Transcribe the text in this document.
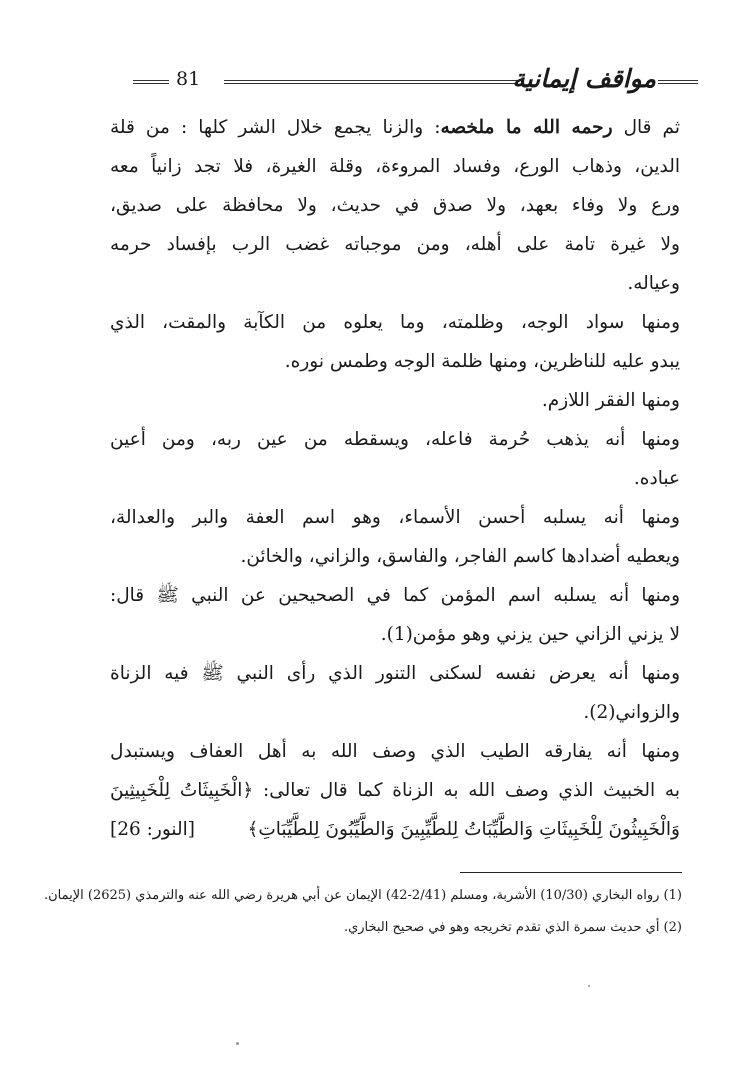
81	مواقف إيمانية
ثم قال رحمه الله ما ملخصه: والزنا يجمع خلال الشر كلها : من قلة
الدين، وذهاب الورع، وفساد المروءة، وقلة الغيرة، فلا تجد زانياً معه
ورع ولا وفاء بعهد، ولا صدق في حديث، ولا محافظة على صديق،
ولا غيرة تامة على أهله، ومن موجباته غضب الرب بإفساد حرمه
وعياله.
ومنها سواد الوجه، وظلمته، وما يعلوه من الكآبة والمقت، الذي
يبدو عليه للناظرين، ومنها ظلمة الوجه وطمس نوره.
ومنها الفقر اللازم.
ومنها أنه يذهب حُرمة فاعله، ويسقطه من عين ربه، ومن أعين
عباده.
ومنها أنه يسلبه أحسن الأسماء، وهو اسم العفة والبر والعدالة،
ويعطيه أضدادها كاسم الفاجر، والفاسق، والزاني، والخائن.
ومنها أنه يسلبه اسم المؤمن كما في الصحيحين عن النبي ﷺ قال:
لا يزني الزاني حين يزني وهو مؤمن(1).
ومنها أنه يعرض نفسه لسكنى التنور الذي رأى النبي ﷺ فيه الزناة
والزواني(2).
ومنها أنه يفارقه الطيب الذي وصف الله به أهل العفاف ويستبدل
به الخبيث الذي وصف الله به الزناة كما قال تعالى: ﴿الْخَبِيثَاتُ لِلْخَبِيثِينَ
وَالْخَبِيثُونَ لِلْخَبِيثَاتِ وَالطَّيِّبَاتُ لِلطَّيِّبِينَ وَالطَّيِّبُونَ لِلطَّيِّبَاتِ﴾
[النور: 26]
(1) رواه البخاري (10/30) الأشربة، ومسلم (2/41-42) الإيمان عن أبي هريرة رضي الله عنه والترمذي (2625) الإيمان.
(2) أي حديث سمرة الذي تقدم تخريجه وهو في صحيح البخاري.
